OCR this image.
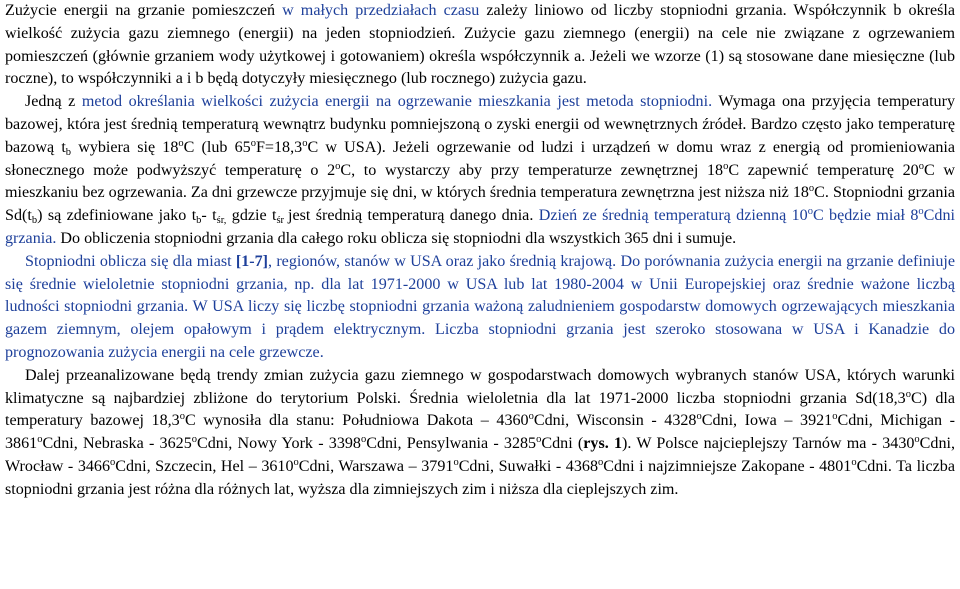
Zużycie energii na grzanie pomieszczeń w małych przedziałach czasu zależy liniowo od liczby stopniodni grzania. Współczynnik b określa wielkość zużycia gazu ziemnego (energii) na jeden stopniodzień. Zużycie gazu ziemnego (energii) na cele nie związane z ogrzewaniem pomieszczeń (głównie grzaniem wody użytkowej i gotowaniem) określa współczynnik a. Jeżeli we wzorze (1) są stosowane dane miesięczne (lub roczne), to współczynniki a i b będą dotyczyły miesięcznego (lub rocznego) zużycia gazu.

Jedną z metod określania wielkości zużycia energii na ogrzewanie mieszkania jest metoda stopniodni. Wymaga ona przyjęcia temperatury bazowej, która jest średnią temperaturą wewnątrz budynku pomniejszoną o zyski energii od wewnętrznych źródeł. Bardzo często jako temperaturę bazową $t_b$ wybiera się 18$^o$C (lub $65^oF=18,3^oC$ w USA). Jeżeli ogrzewanie od ludzi i urządzeń w domu wraz z energią od promieniowania słonecznego może podwyższyć temperaturę o 2$^o$C, to wystarczy aby przy temperaturze zewnętrznej 18$^o$C zapewnić temperaturę 20$^o$C w mieszkaniu bez ogrzewania. Za dni grzewcze przyjmuje się dni, w których średnia temperatura zewnętrzna jest niższa niż 18$^o$C. Stopniodni grzania $Sd(t_b)$ są zdefiniowane jako $t_b-$ $t_{śr,}$ gdzie $t_{śr}$ jest średnią temperaturą danego dnia. Dzień ze średnią temperaturą dzienną 10$^o$C będzie miał 8$^o$Cdni grzania. Do obliczenia stopniodni grzania dla całego roku oblicza się stopniodni dla wszystkich 365 dni i sumuje.

Stopniodni oblicza się dla miast [1-7], regionów, stanów w USA oraz jako średnią krajową. Do porównania zużycia energii na grzanie definiuje się średnie wieloletnie stopniodni grzania, np. dla lat 1971-2000 w USA lub lat 1980-2004 w Unii Europejskiej oraz średnie ważone liczbą ludności stopniodni grzania. W USA liczy się liczbę stopniodni grzania ważoną zaludnieniem gospodarstw domowych ogrzewających mieszkania gazem ziemnym, olejem opałowym i prądem elektrycznym. Liczba stopniodni grzania jest szeroko stosowana w USA i Kanadzie do prognozowania zużycia energii na cele grzewcze.

Dalej przeanalizowane będą trendy zmian zużycia gazu ziemnego w gospodarstwach domowych wybranych stanów USA, których warunki klimatyczne są najbardziej zbliżone do terytorium Polski. Średnia wieloletnia dla lat 1971-2000 liczba stopniodni grzania Sd(18,3$^o$C) dla temperatury bazowej 18,3$^o$C wynosiła dla stanu: Południowa Dakota – 4360$^o$Cdni, Wisconsin - 4328$^o$Cdni, Iowa – 3921$^o$Cdni, Michigan - 3861$^o$Cdni, Nebraska - 3625$^o$Cdni, Nowy York - 3398$^o$Cdni, Pensylwania - 3285$^o$Cdni (rys. 1). W Polsce najcieplejszy Tarnów ma - 3430$^o$Cdni, Wrocław - 3466$^o$Cdni, Szczecin, Hel – 3610$^o$Cdni, Warszawa – 3791$^o$Cdni, Suwałki - 4368$^o$Cdni i najzimniejsze Zakopane - 4801$^o$Cdni. Ta liczba stopniodni grzania jest różna dla różnych lat, wyższa dla zimniejszych zim i niższa dla cieplejszych zim.
